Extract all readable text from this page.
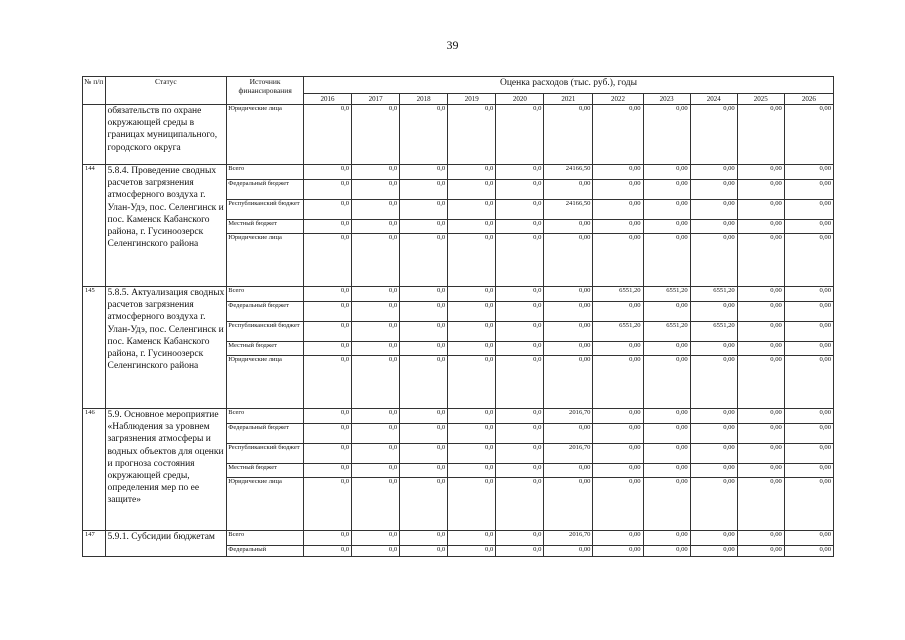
39
№ п/п	Статус	Источник финансирования	Оценка расходов (тыс. руб.), годы										
			2016	2017	2018	2019	2020	2021	2022	2023	2024	2025	2026
	обязательств по охране окружающей среды в границах муниципального, городского округа	Юридические лица	0,0	0,0	0,0	0,0	0,0	0,00	0,00	0,00	0,00	0,00	0,00
144	5.8.4. Проведение сводных расчетов загрязнения атмосферного воздуха г. Улан-Удэ, пос. Селенгинск и пос. Каменск Кабанского района, г. Гусиноозерск Селенгинского района	Всего	0,0	0,0	0,0	0,0	0,0	24166,50	0,00	0,00	0,00	0,00	0,00
		Федеральный бюджет	0,0	0,0	0,0	0,0	0,0	0,00	0,00	0,00	0,00	0,00	0,00
		Республиканский бюджет	0,0	0,0	0,0	0,0	0,0	24166,50	0,00	0,00	0,00	0,00	0,00
		Местный бюджет	0,0	0,0	0,0	0,0	0,0	0,00	0,00	0,00	0,00	0,00	0,00
		Юридические лица	0,0	0,0	0,0	0,0	0,0	0,00	0,00	0,00	0,00	0,00	0,00
145	5.8.5. Актуализация сводных расчетов загрязнения атмосферного воздуха г. Улан-Удэ, пос. Селенгинск и пос. Каменск Кабанского района, г. Гусиноозерск Селенгинского района	Всего	0,0	0,0	0,0	0,0	0,0	0,00	6551,20	6551,20	6551,20	0,00	0,00
		Федеральный бюджет	0,0	0,0	0,0	0,0	0,0	0,00	0,00	0,00	0,00	0,00	0,00
		Республиканский бюджет	0,0	0,0	0,0	0,0	0,0	0,00	6551,20	6551,20	6551,20	0,00	0,00
		Местный бюджет	0,0	0,0	0,0	0,0	0,0	0,00	0,00	0,00	0,00	0,00	0,00
		Юридические лица	0,0	0,0	0,0	0,0	0,0	0,00	0,00	0,00	0,00	0,00	0,00
146	5.9. Основное мероприятие «Наблюдения за уровнем загрязнения атмосферы и водных объектов для оценки и прогноза состояния окружающей среды, определения мер по ее защите»	Всего	0,0	0,0	0,0	0,0	0,0	2016,70	0,00	0,00	0,00	0,00	0,00
		Федеральный бюджет	0,0	0,0	0,0	0,0	0,0	0,00	0,00	0,00	0,00	0,00	0,00
		Республиканский бюджет	0,0	0,0	0,0	0,0	0,0	2016,70	0,00	0,00	0,00	0,00	0,00
		Местный бюджет	0,0	0,0	0,0	0,0	0,0	0,00	0,00	0,00	0,00	0,00	0,00
		Юридические лица	0,0	0,0	0,0	0,0	0,0	0,00	0,00	0,00	0,00	0,00	0,00
147	5.9.1. Субсидии бюджетам	Всего	0,0	0,0	0,0	0,0	0,0	2016,70	0,00	0,00	0,00	0,00	0,00
		Федеральный	0,0	0,0	0,0	0,0	0,0	0,00	0,00	0,00	0,00	0,00	0,00
